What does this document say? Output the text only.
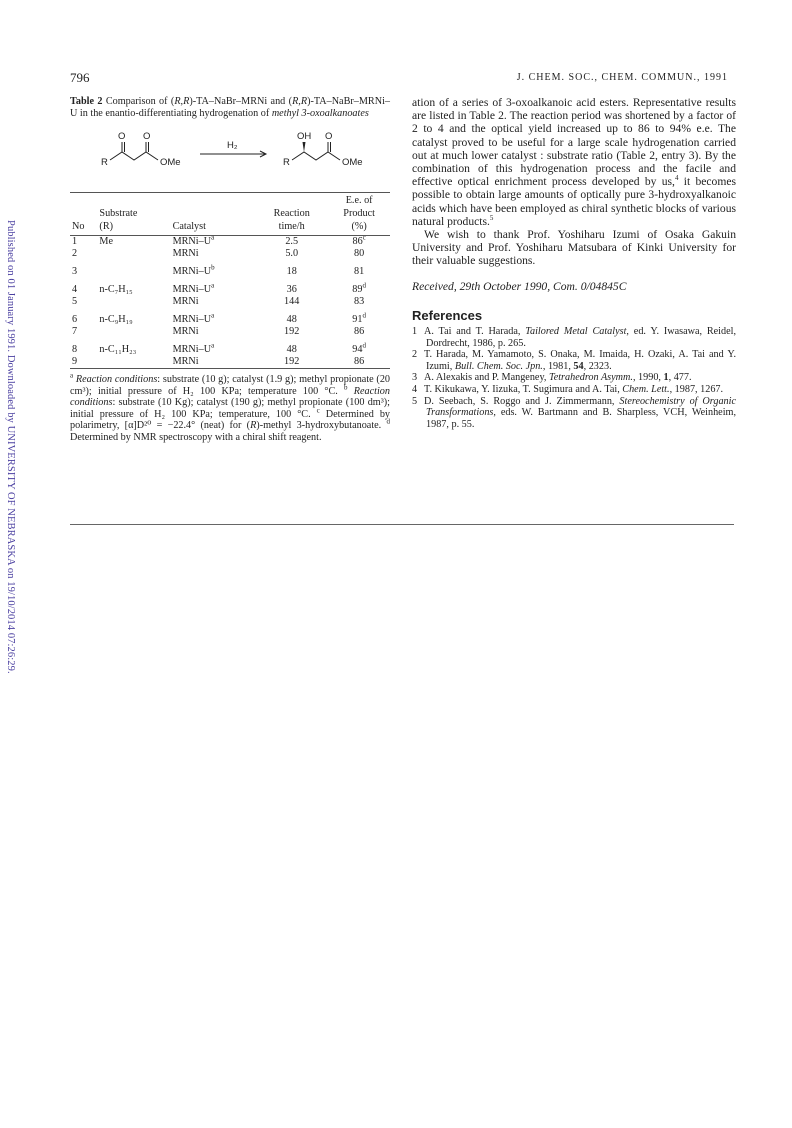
Published on 01 January 1991. Downloaded by UNIVERSITY OF NEBRASKA on 19/10/2014 07:26:29.
796	J. CHEM. SOC., CHEM. COMMUN., 1991
Table 2 Comparison of (R,R)-TA–NaBr–MRNi and (R,R)-TA–NaBr–MRNi–U in the enantio-differentiating hydrogenation of methyl 3-oxoalkanoates
O O
R	OMe
H₂
OH O
R	OMe

				E.e. of
	Substrate		Reaction	Product
No	(R)	Catalyst	time/h	(%)
1	Me	MRNi–$U^a$	2.5	86$^c$
2		MRNi	5.0	80
3		MRNi–$U^b$	18	81
4	n-C₇H₁₅	MRNi–$U^a$	36	89$^d$
5		MRNi	144	83
6	n-C₉H₁₉	MRNi–$U^a$	48	91$^d$
7		MRNi	192	86
8	n-C₁₁H₂₃	MRNi–$U^a$	48	94$^d$
9		MRNi	192	86

$^a$ Reaction conditions: substrate (10 g); catalyst (1.9 g); methyl propionate (20 cm³); initial pressure of H₂ 100 KPa; temperature 100 °C. $^b$ Reaction conditions: substrate (10 Kg); catalyst (190 g); methyl propionate (100 dm³); initial pressure of H₂ 100 KPa; temperature, 100 °C. $^c$ Determined by polarimetry, [α]D²⁰ = −22.4° (neat) for (R)-methyl 3-hydroxybutanoate. $^d$ Determined by NMR spectroscopy with a chiral shift reagent.

ation of a series of 3-oxoalkanoic acid esters. Representative results are listed in Table 2. The reaction period was shortened by a factor of 2 to 4 and the optical yield increased up to 86 to 94% e.e. The catalyst proved to be useful for a large scale hydrogenation carried out at much lower catalyst : substrate ratio (Table 2, entry 3). By the combination of this hydrogenation process and the facile and effective optical enrichment process developed by us,$^4$ it becomes possible to obtain large amounts of optically pure 3-hydroxyalkanoic acids which have been employed as chiral synthetic blocks of various natural products.$^5$

We wish to thank Prof. Yoshiharu Izumi of Osaka Gakuin University and Prof. Yoshiharu Matsubara of Kinki University for their valuable suggestions.

Received, 29th October 1990, Com. 0/04845C
References
1 A. Tai and T. Harada, Tailored Metal Catalyst, ed. Y. Iwasawa, Reidel, Dordrecht, 1986, p. 265.
2 T. Harada, M. Yamamoto, S. Onaka, M. Imaida, H. Ozaki, A. Tai and Y. Izumi, Bull. Chem. Soc. Jpn., 1981, 54, 2323.
3 A. Alexakis and P. Mangeney, Tetrahedron Asymm., 1990, 1, 477.
4 T. Kikukawa, Y. Iizuka, T. Sugimura and A. Tai, Chem. Lett., 1987, 1267.
5 D. Seebach, S. Roggo and J. Zimmermann, Stereochemistry of Organic Transformations, eds. W. Bartmann and B. Sharpless, VCH, Weinheim, 1987, p. 55.
